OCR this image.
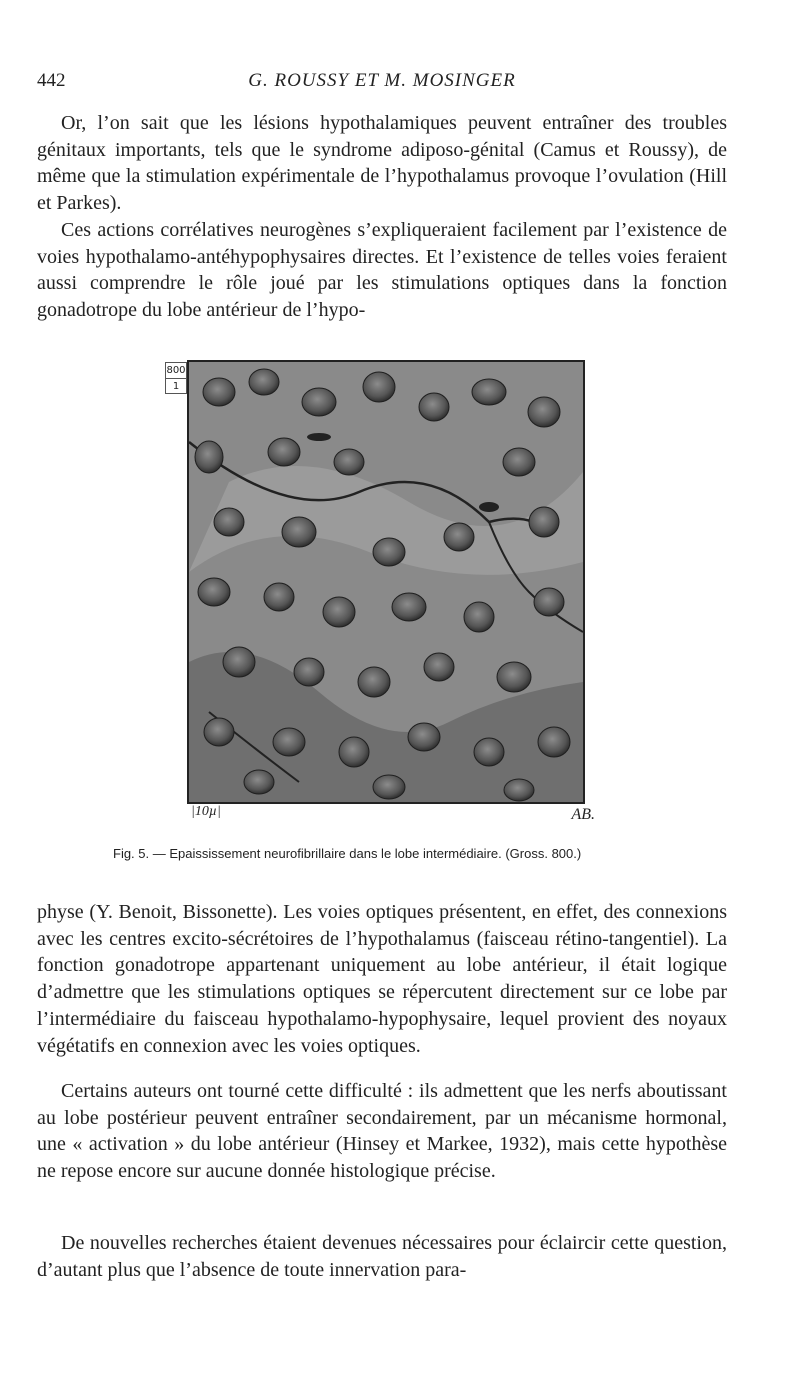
442	G. ROUSSY ET M. MOSINGER

Or, l’on sait que les lésions hypothalamiques peuvent entraîner des troubles génitaux importants, tels que le syndrome adiposo-génital (Camus et Roussy), de même que la stimulation expérimentale de l’hypothalamus provoque l’ovulation (Hill et Parkes).

Ces actions corrélatives neurogènes s’expliqueraient facilement par l’existence de voies hypothalamo-antéhypophysaires directes. Et l’existence de telles voies feraient aussi comprendre le rôle joué par les stimulations optiques dans la fonction gonadotrope du lobe antérieur de l’hypo-

800
1
|10µ|	AB.
Fig. 5. — Epaississement neurofibrillaire dans le lobe intermédiaire. (Gross. 800.)

physe (Y. Benoit, Bissonette). Les voies optiques présentent, en effet, des connexions avec les centres excito-sécrétoires de l’hypothalamus (faisceau rétino-tangentiel). La fonction gonadotrope appartenant uniquement au lobe antérieur, il était logique d’admettre que les stimulations optiques se répercutent directement sur ce lobe par l’intermédiaire du faisceau hypothalamo-hypophysaire, lequel provient des noyaux végétatifs en connexion avec les voies optiques.

Certains auteurs ont tourné cette difficulté : ils admettent que les nerfs aboutissant au lobe postérieur peuvent entraîner secondairement, par un mécanisme hormonal, une « activation » du lobe antérieur (Hinsey et Markee, 1932), mais cette hypothèse ne repose encore sur aucune donnée histologique précise.

De nouvelles recherches étaient devenues nécessaires pour éclaircir cette question, d’autant plus que l’absence de toute innervation para-
